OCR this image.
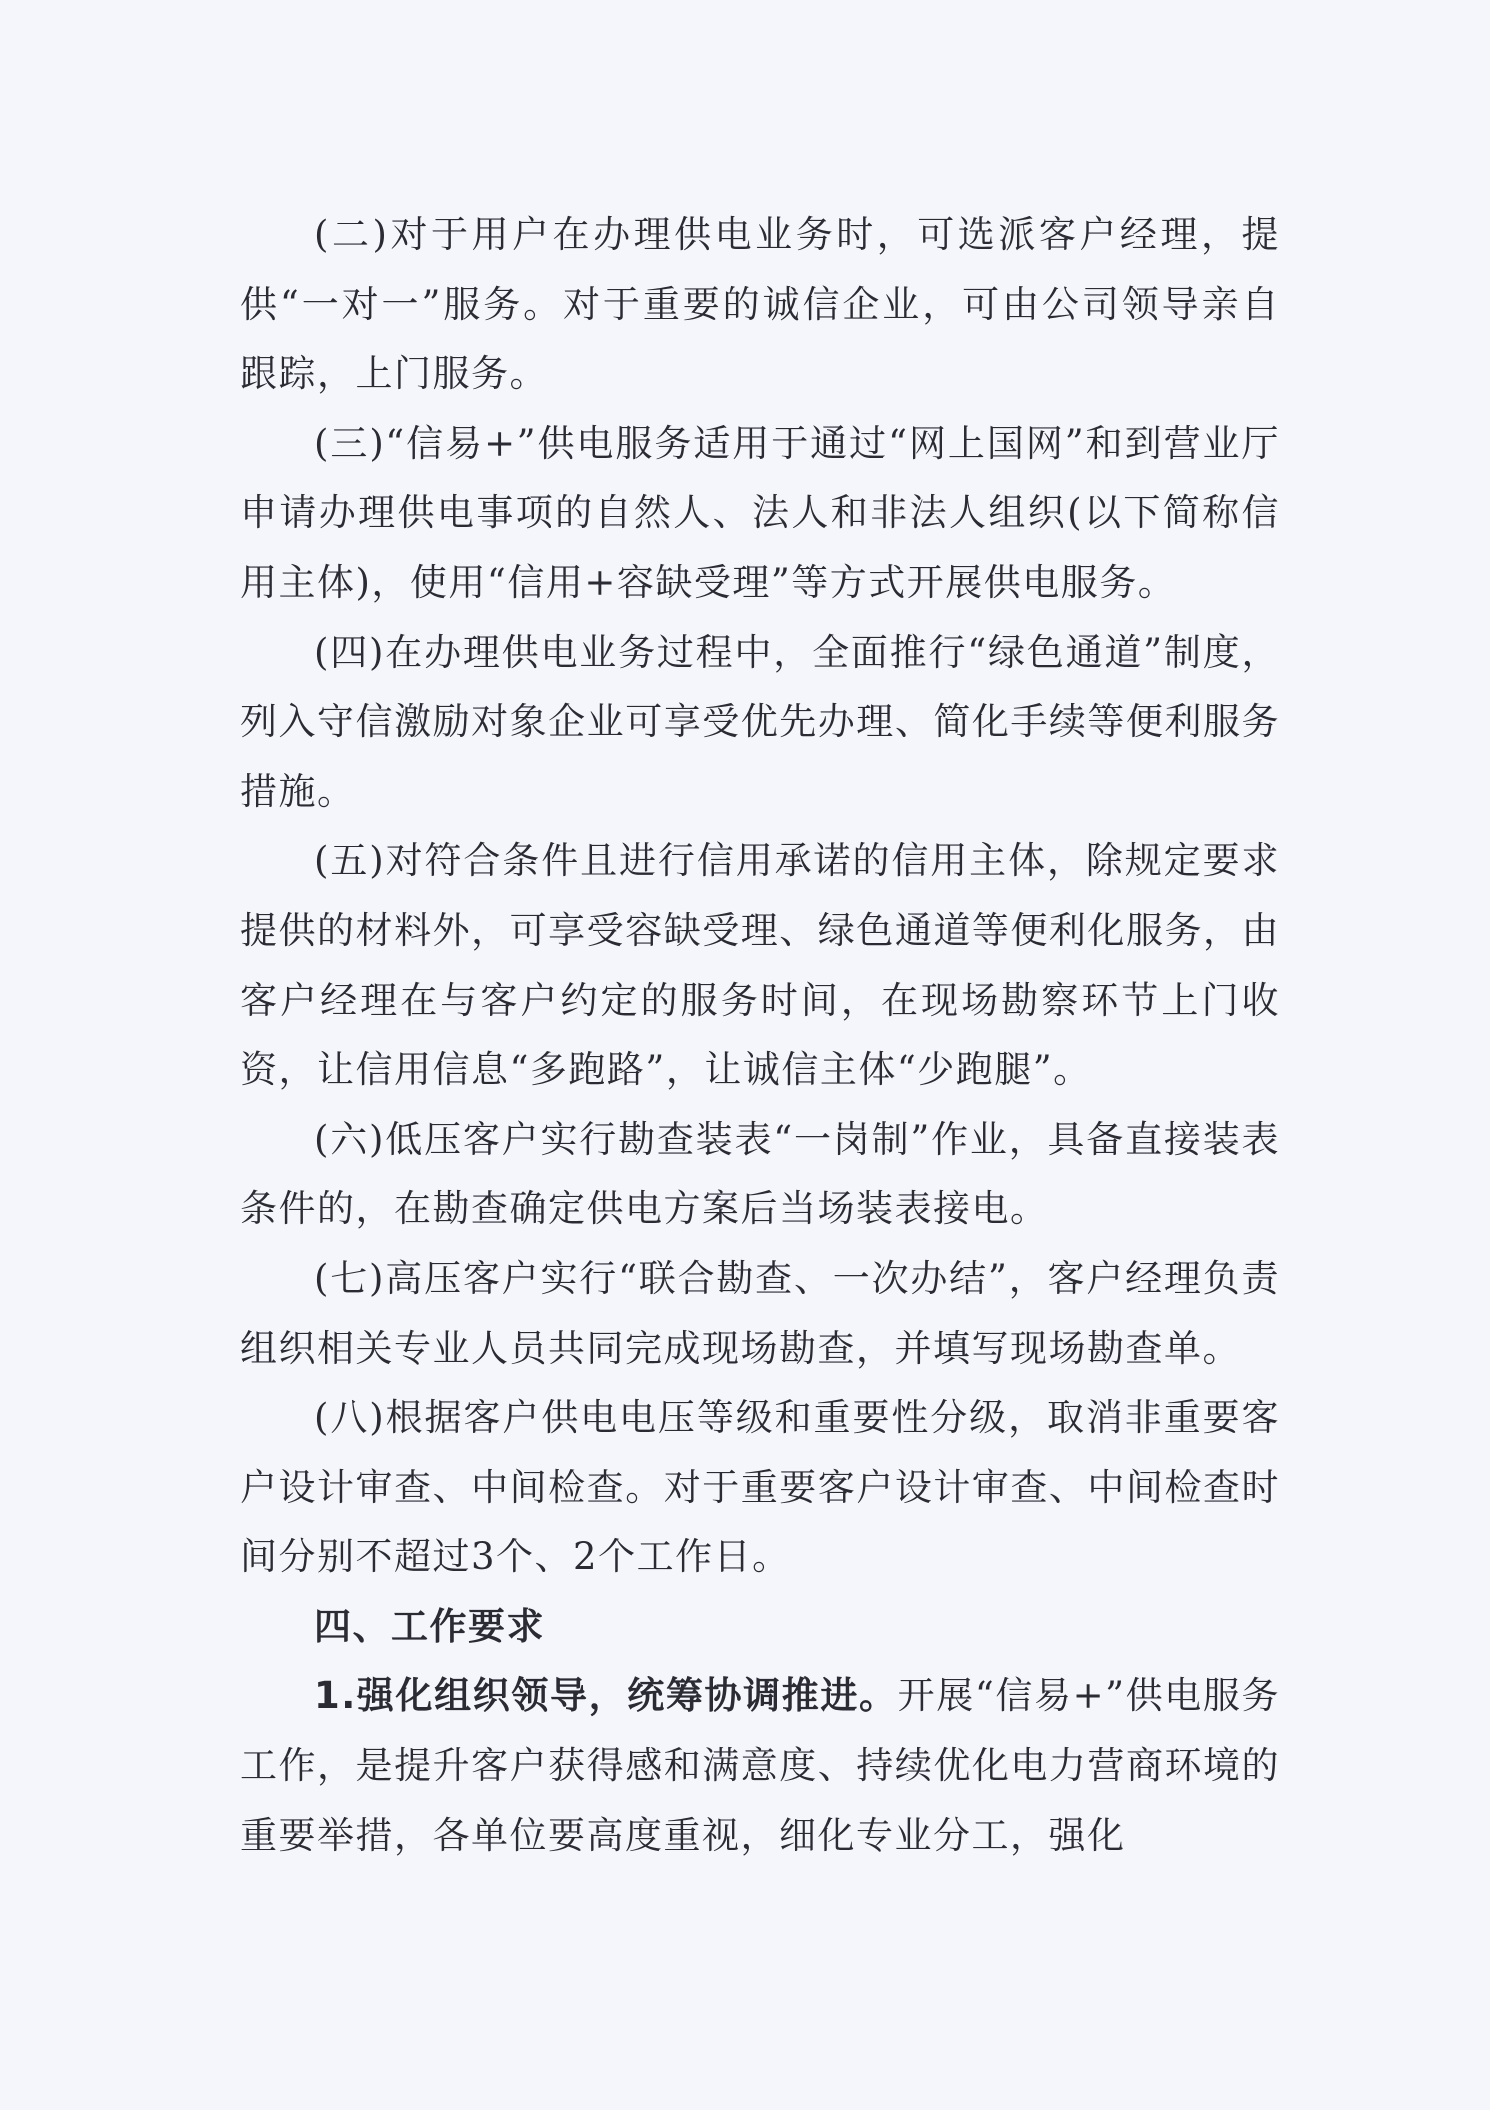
(二)对于用户在办理供电业务时，可选派客户经理，提供“一对一”服务。对于重要的诚信企业，可由公司领导亲自跟踪，上门服务。

(三)“信易+”供电服务适用于通过“网上国网”和到营业厅申请办理供电事项的自然人、法人和非法人组织(以下简称信用主体)，使用“信用+容缺受理”等方式开展供电服务。

(四)在办理供电业务过程中，全面推行“绿色通道”制度，列入守信激励对象企业可享受优先办理、简化手续等便利服务措施。

(五)对符合条件且进行信用承诺的信用主体，除规定要求提供的材料外，可享受容缺受理、绿色通道等便利化服务，由客户经理在与客户约定的服务时间，在现场勘察环节上门收资，让信用信息“多跑路”，让诚信主体“少跑腿”。

(六)低压客户实行勘查装表“一岗制”作业，具备直接装表条件的，在勘查确定供电方案后当场装表接电。

(七)高压客户实行“联合勘查、一次办结”，客户经理负责组织相关专业人员共同完成现场勘查，并填写现场勘查单。

(八)根据客户供电电压等级和重要性分级，取消非重要客户设计审查、中间检查。对于重要客户设计审查、中间检查时间分别不超过3个、2个工作日。

四、工作要求

1.强化组织领导，统筹协调推进。开展“信易+”供电服务工作，是提升客户获得感和满意度、持续优化电力营商环境的重要举措，各单位要高度重视，细化专业分工，强化
